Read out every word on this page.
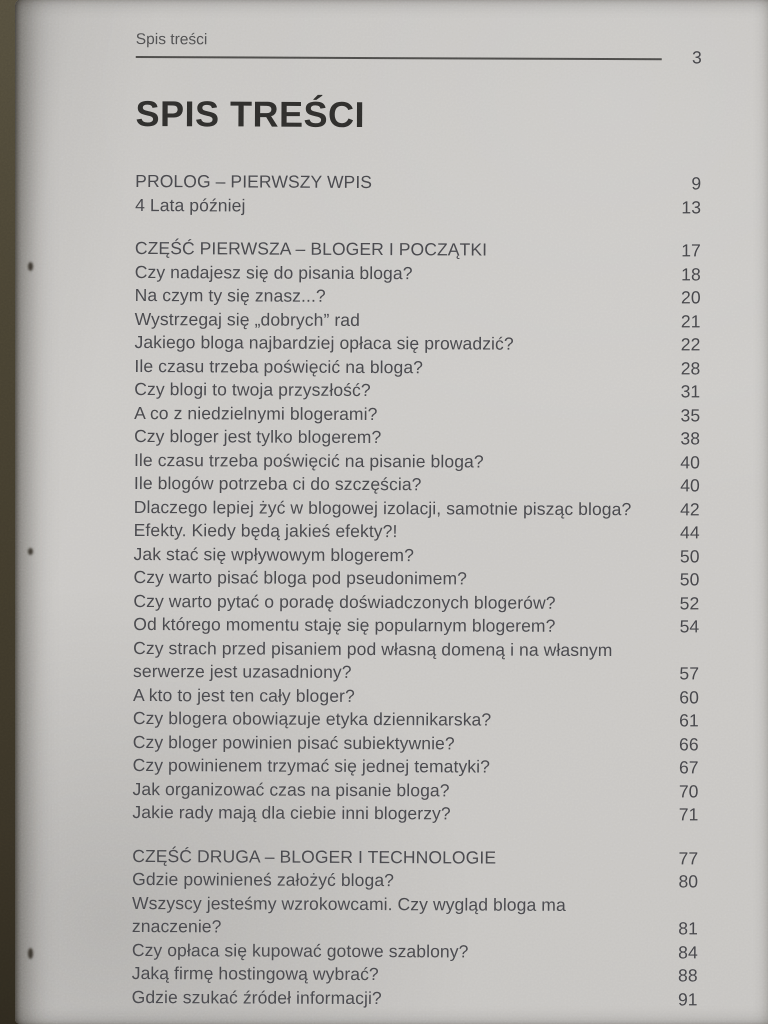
Spis treści
3
SPIS TREŚCI
PROLOG – PIERWSZY WPIS	9
4 Lata później	13
CZĘŚĆ PIERWSZA – BLOGER I POCZĄTKI	17
Czy nadajesz się do pisania bloga?	18
Na czym ty się znasz...?	20
Wystrzegaj się „dobrych” rad	21
Jakiego bloga najbardziej opłaca się prowadzić?	22
Ile czasu trzeba poświęcić na bloga?	28
Czy blogi to twoja przyszłość?	31
A co z niedzielnymi blogerami?	35
Czy bloger jest tylko blogerem?	38
Ile czasu trzeba poświęcić na pisanie bloga?	40
Ile blogów potrzeba ci do szczęścia?	40
Dlaczego lepiej żyć w blogowej izolacji, samotnie pisząc bloga?	42
Efekty. Kiedy będą jakieś efekty?!	44
Jak stać się wpływowym blogerem?	50
Czy warto pisać bloga pod pseudonimem?	50
Czy warto pytać o poradę doświadczonych blogerów?	52
Od którego momentu staję się popularnym blogerem?	54
Czy strach przed pisaniem pod własną domeną i na własnym
serwerze jest uzasadniony?	57
A kto to jest ten cały bloger?	60
Czy blogera obowiązuje etyka dziennikarska?	61
Czy bloger powinien pisać subiektywnie?	66
Czy powinienem trzymać się jednej tematyki?	67
Jak organizować czas na pisanie bloga?	70
Jakie rady mają dla ciebie inni blogerzy?	71
CZĘŚĆ DRUGA – BLOGER I TECHNOLOGIE	77
Gdzie powinieneś założyć bloga?	80
Wszyscy jesteśmy wzrokowcami. Czy wygląd bloga ma znaczenie?	81
Czy opłaca się kupować gotowe szablony?	84
Jaką firmę hostingową wybrać?	88
Gdzie szukać źródeł informacji?	91
